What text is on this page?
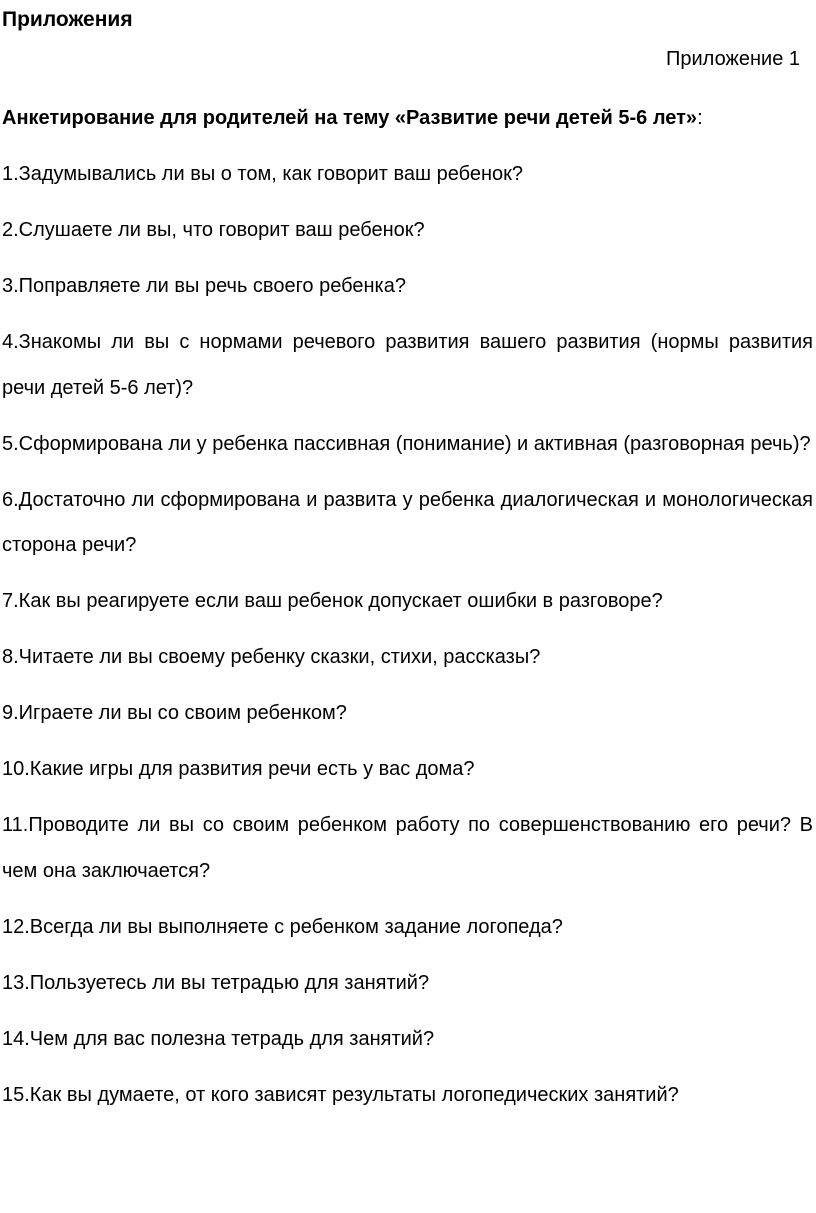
Приложения
Приложение 1
Анкетирование для родителей на тему «Развитие речи детей 5-6 лет»:
1.Задумывались ли вы о том, как говорит ваш ребенок?
2.Слушаете ли вы, что говорит ваш ребенок?
3.Поправляете ли вы речь своего ребенка?
4.Знакомы ли вы с нормами речевого развития вашего развития (нормы развития речи детей 5-6 лет)?
5.Сформирована ли у ребенка пассивная (понимание) и активная (разговорная речь)?
6.Достаточно ли сформирована и развита у ребенка диалогическая и монологическая сторона речи?
7.Как вы реагируете если ваш ребенок допускает ошибки в разговоре?
8.Читаете ли вы своему ребенку сказки, стихи, рассказы?
9.Играете ли вы со своим ребенком?
10.Какие игры для развития речи есть у вас дома?
11.Проводите ли вы со своим ребенком работу по совершенствованию его речи? В чем она заключается?
12.Всегда ли вы выполняете с ребенком задание логопеда?
13.Пользуетесь ли вы тетрадью для занятий?
14.Чем для вас полезна тетрадь для занятий?
15.Как вы думаете, от кого зависят результаты логопедических занятий?
